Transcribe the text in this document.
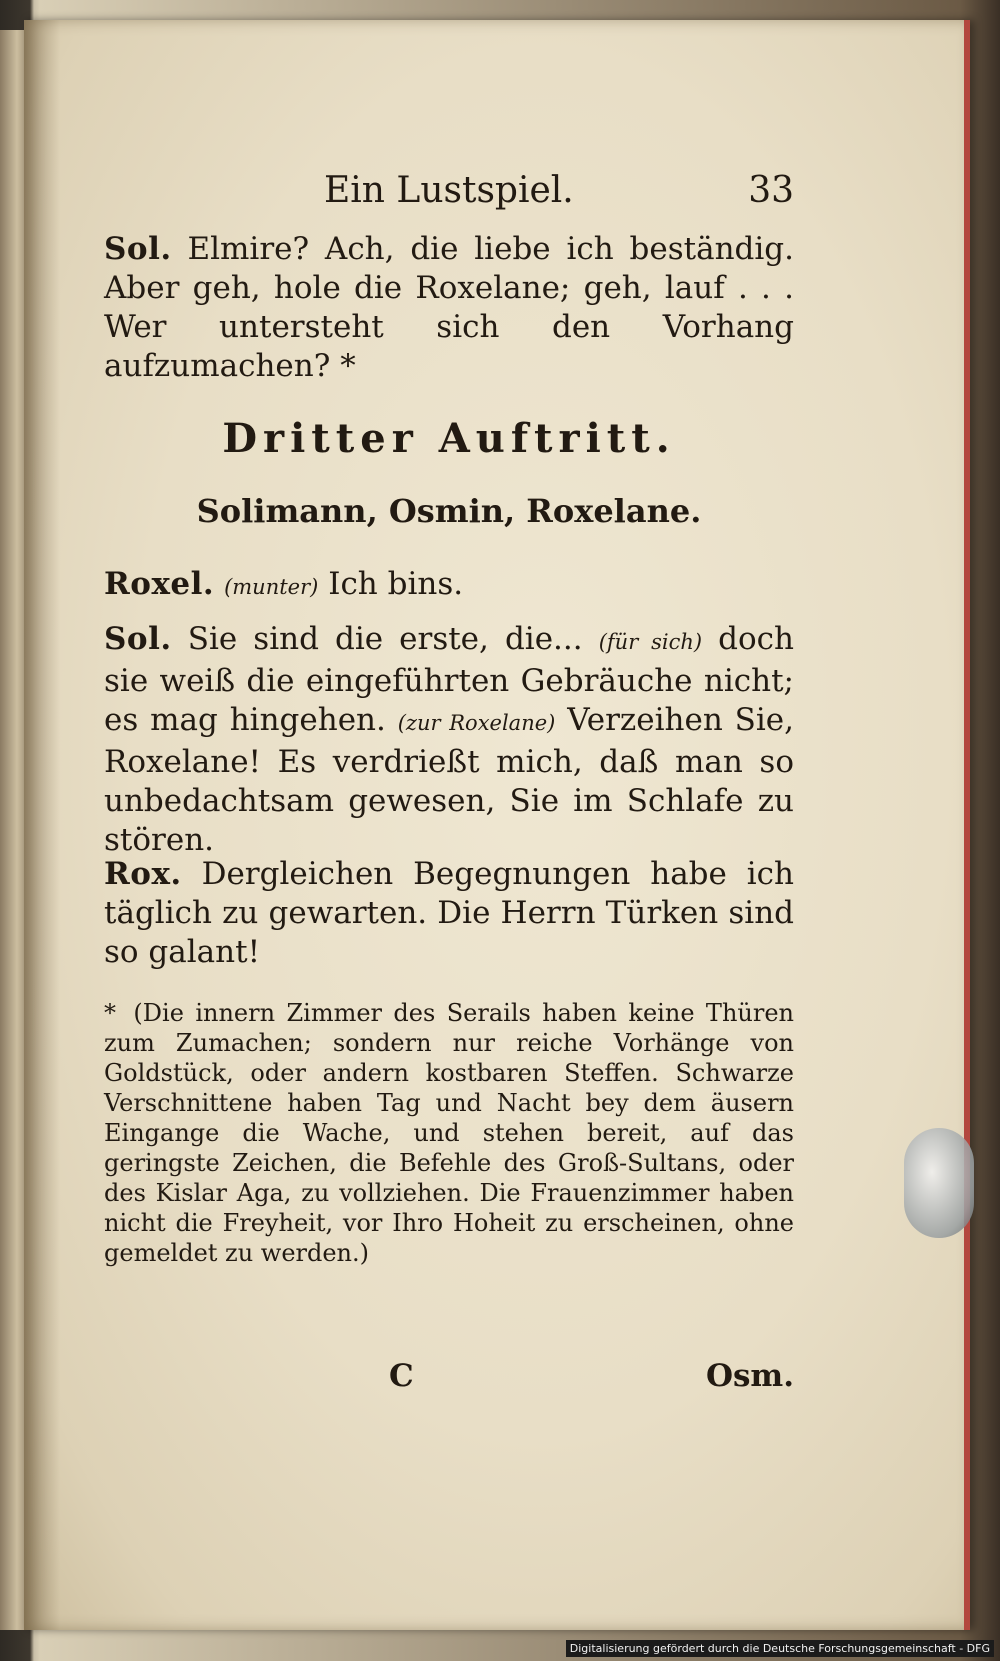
Ein Lustspiel.	33
Sol. Elmire? Ach, die liebe ich beständig. Aber geh, hole die Roxelane; geh, lauf . . . Wer untersteht sich den Vorhang aufzumachen? *
Dritter Auftritt.
Solimann, Osmin, Roxelane.
Roxel. (munter) Ich bins.
Sol. Sie sind die erste, die... (für sich) doch sie weiß die eingeführten Gebräuche nicht; es mag hingehen. (zur Roxelane) Verzeihen Sie, Roxelane! Es verdrießt mich, daß man so unbedachtsam gewesen, Sie im Schlafe zu stören.
Rox. Dergleichen Begegnungen habe ich täglich zu gewarten. Die Herrn Türken sind so galant!
* (Die innern Zimmer des Serails haben keine Thüren zum Zumachen; sondern nur reiche Vorhänge von Goldstück, oder andern kostbaren Steffen. Schwarze Verschnittene haben Tag und Nacht bey dem äusern Eingange die Wache, und stehen bereit, auf das geringste Zeichen, die Befehle des Groß-Sultans, oder des Kislar Aga, zu vollziehen. Die Frauenzimmer haben nicht die Freyheit, vor Ihro Hoheit zu erscheinen, ohne gemeldet zu werden.)
C	Osm.
Digitalisierung gefördert durch die Deutsche Forschungsgemeinschaft - DFG
